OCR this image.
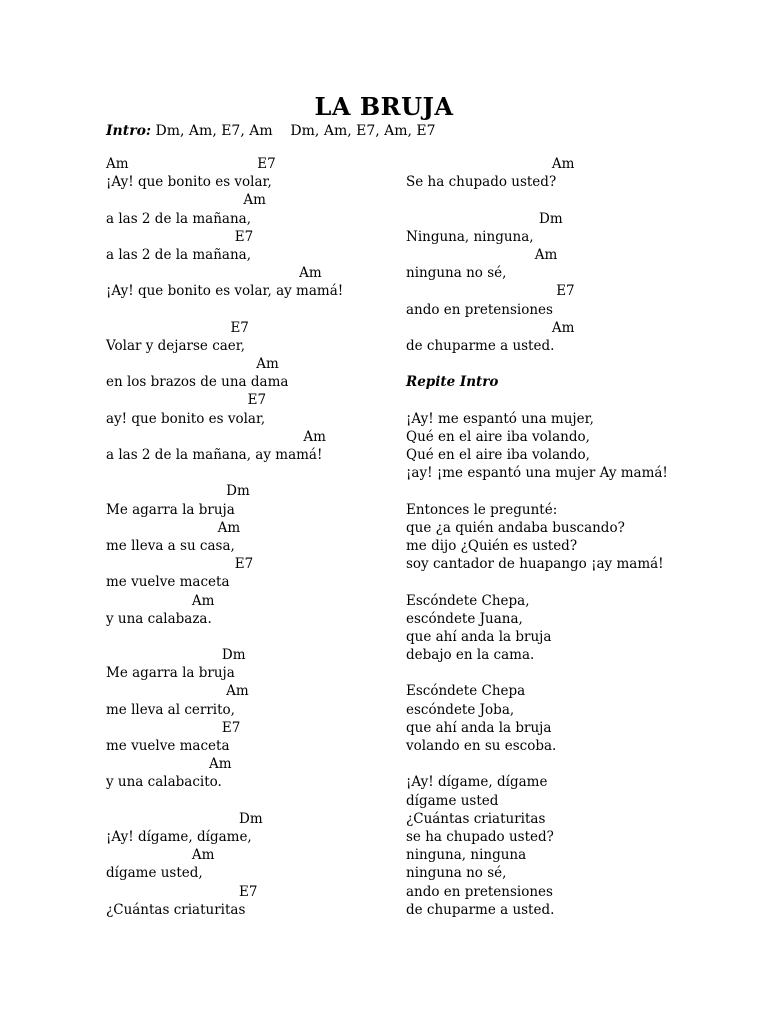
LA BRUJA
Intro: Dm, Am, E7, Am    Dm, Am, E7, Am, E7
Am                              E7
¡Ay! que bonito es volar,
Am
a las 2 de la mañana,
E7
a las 2 de la mañana,
Am
¡Ay! que bonito es volar, ay mamá!
E7
Volar y dejarse caer,
Am
en los brazos de una dama
E7
ay! que bonito es volar,
Am
a las 2 de la mañana, ay mamá!
Dm
Me agarra la bruja
Am
me lleva a su casa,
E7
me vuelve maceta
Am
y una calabaza.
Dm
Me agarra la bruja
Am
me lleva al cerrito,
E7
me vuelve maceta
Am
y una calabacito.
Dm
¡Ay! dígame, dígame,
Am
dígame usted,
E7
¿Cuántas criaturitas
Am
Se ha chupado usted?
Dm
Ninguna, ninguna,
Am
ninguna no sé,
E7
ando en pretensiones
Am
de chuparme a usted.
Repite Intro
¡Ay! me espantó una mujer,
Qué en el aire iba volando,
Qué en el aire iba volando,
¡ay! ¡me espantó una mujer Ay mamá!
Entonces le pregunté:
que ¿a quién andaba buscando?
me dijo ¿Quién es usted?
soy cantador de huapango ¡ay mamá!
Escóndete Chepa,
escóndete Juana,
que ahí anda la bruja
debajo en la cama.
Escóndete Chepa
escóndete Joba,
que ahí anda la bruja
volando en su escoba.
¡Ay! dígame, dígame
dígame usted
¿Cuántas criaturitas
se ha chupado usted?
ninguna, ninguna
ninguna no sé,
ando en pretensiones
de chuparme a usted.
